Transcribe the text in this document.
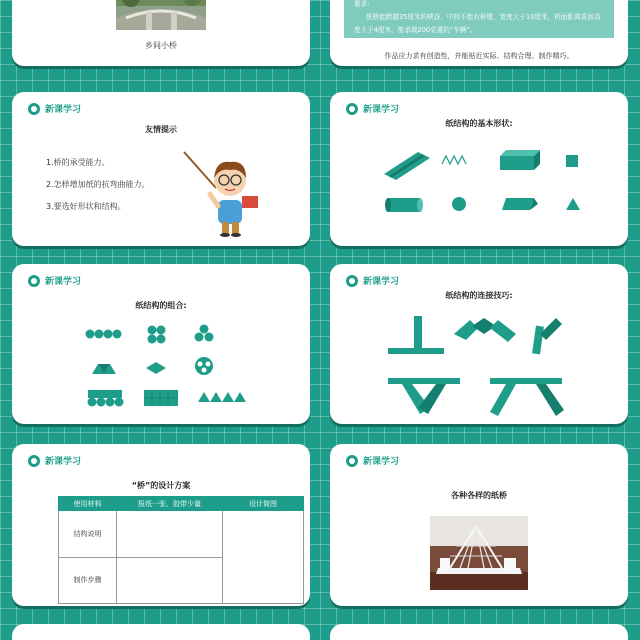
乡间小桥
要求:
纸桥能跨越35厘米的峡谷，中间不能有桥墩，宽度大于10厘米，桥面距离桌面高度大于4厘米，能承载200克重的“车辆”。
作品应力求有创造性，并能贴近实际、结构合理、制作精巧。
新课学习
友情提示
1.桥的承受能力。
2.怎样增加纸的抗弯曲能力。
3.要选好形状和结构。
新课学习
纸结构的基本形状:
新课学习
纸结构的组合:
新课学习
纸结构的连接技巧:
新课学习
“桥”的设计方案
使用材料	报纸一张、胶带少量	设计简图
结构说明		
制作步骤		
新课学习
各种各样的纸桥
